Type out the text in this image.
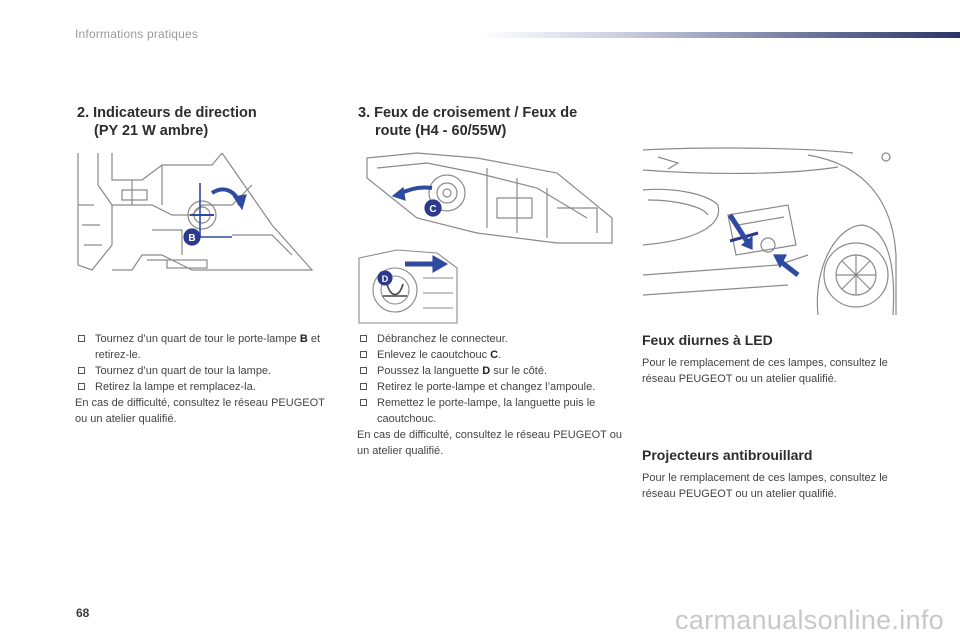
Informations pratiques
2. Indicateurs de direction
(PY 21 W ambre)
3. Feux de croisement / Feux de
route (H4 - 60/55W)
B
C
D
Tournez d’un quart de tour le porte-lampe B et retirez-le.
Tournez d’un quart de tour la lampe.
Retirez la lampe et remplacez-la.
En cas de difficulté, consultez le réseau PEUGEOT ou un atelier qualifié.
Débranchez le connecteur.
Enlevez le caoutchouc C.
Poussez la languette D sur le côté.
Retirez le porte-lampe et changez l’ampoule.
Remettez le porte-lampe, la languette puis le caoutchouc.
En cas de difficulté, consultez le réseau PEUGEOT ou un atelier qualifié.
Feux diurnes à LED
Pour le remplacement de ces lampes, consultez le réseau PEUGEOT ou un atelier qualifié.
Projecteurs antibrouillard
Pour le remplacement de ces lampes, consultez le réseau PEUGEOT ou un atelier qualifié.
68	carmanualsonline.info
